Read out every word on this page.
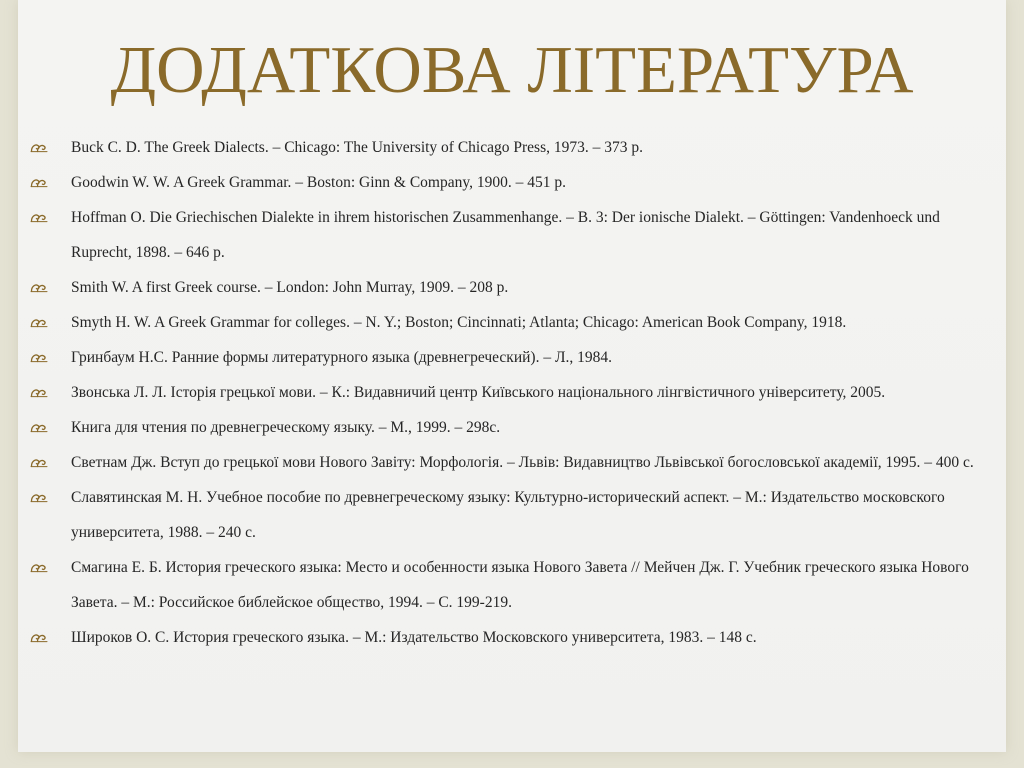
ДОДАТКОВА ЛІТЕРАТУРА
Buck C. D. The Greek Dialects. – Chicago: The University of Chicago Press, 1973. – 373 p.
Goodwin W. W. A Greek Grammar. – Boston: Ginn & Company, 1900. – 451 p.
Hoffman O. Die Griechischen Dialekte in ihrem historischen Zusammenhange. – B. 3: Der ionische Dialekt. – Göttingen: Vandenhoeck und Ruprecht, 1898. – 646 p.
Smith W. A first Greek course. – London: John Murray, 1909. – 208 p.
Smyth H. W. A Greek Grammar for colleges. – N. Y.; Boston; Cincinnati; Atlanta; Chicago: American Book Company, 1918.
Гринбаум Н.С. Ранние формы литературного языка (древнегреческий). – Л., 1984.
Звонська Л. Л. Історія грецької мови. – К.: Видавничий центр Київського національного лінгвістичного університету, 2005.
Книга для чтения по древнегреческому языку. – М., 1999. – 298с.
Светнам Дж. Вступ до грецької мови Нового Завіту: Морфологія. – Львів: Видавництво Львівської богословської академії, 1995. – 400 с.
Славятинская М. Н. Учебное пособие по древнегреческому языку: Культурно-исторический аспект. – М.: Издательство московского университета, 1988. – 240 с.
Смагина Е. Б. История греческого языка: Место и особенности языка Нового Завета // Мейчен Дж. Г. Учебник греческого языка Нового Завета. – М.: Российское библейское общество, 1994. – С. 199-219.
Широков О. С. История греческого языка. – М.: Издательство Московского университета, 1983. – 148 с.
